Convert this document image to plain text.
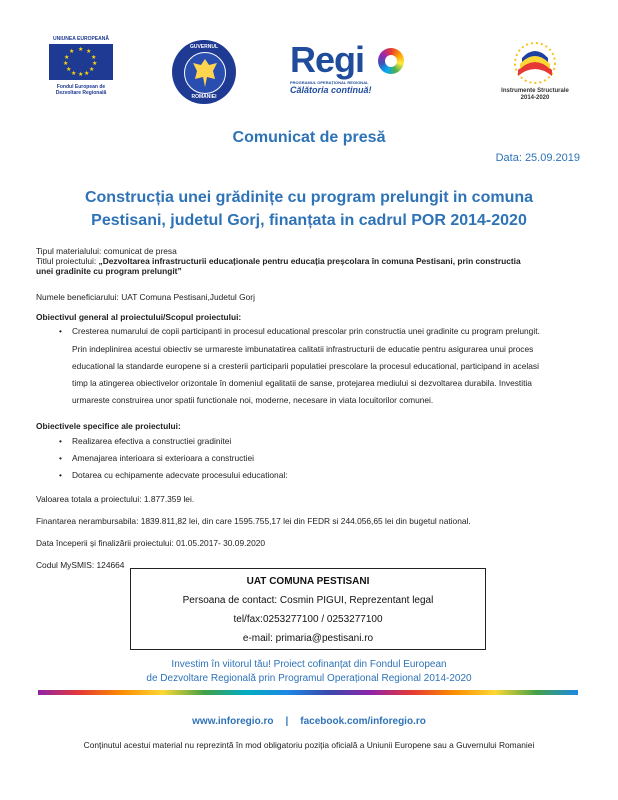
UNIUNEA EUROPEANĂ
★ ★
★
★
★
★
★
★
★
★
★
★
Fondul European de
Dezvoltare Regională
GUVERNUL
ROMÂNIEI
Regi
PROGRAMUL OPERAȚIONAL REGIONAL
Călătoria continuă!	Instrumente Structurale
2014-2020
Comunicat de presă
Data: 25.09.2019
Construcția unei grădinițe cu program prelungit in comuna
Pestisani, judetul Gorj, finanțata in cadrul POR 2014-2020
Tipul materialului: comunicat de presa
Titlul proiectului: „Dezvoltarea infrastructurii educaționale pentru educația preșcolara în comuna Pestisani, prin constructia
unei gradinite cu program prelungit”
Numele beneficiarului: UAT Comuna Pestisani,Judetul Gorj
Obiectivul general al proiectului/Scopul proiectului:
• Cresterea numarului de copii participanti in procesul educational prescolar prin constructia unei gradinite cu program prelungit.
Prin indeplinirea acestui obiectiv se urmareste imbunatatirea calitatii infrastructurii de educatie pentru asigurarea unui proces
educational la standarde europene si a cresterii participarii populatiei prescolare la procesul educational, participand in acelasi
timp la atingerea obiectivelor orizontale în domeniul egalitatii de sanse, protejarea mediului si dezvoltarea durabila. Investitia
urmareste construirea unor spatii functionale noi, moderne, necesare in viata locuitorilor comunei.
Obiectivele specifice ale proiectului:
• Realizarea efectiva a constructiei gradinitei
• Amenajarea interioara si exterioara a constructiei
• Dotarea cu echipamente adecvate procesului educational:
Valoarea totala a proiectului: 1.877.359 lei.
Finantarea nerambursabila: 1839.811,82 lei, din care 1595.755,17 lei din FEDR si 244.056,65 lei din bugetul national.
Data începerii și finalizării proiectului: 01.05.2017- 30.09.2020
Codul MySMIS: 124664
UAT COMUNA PESTISANI
Persoana de contact: Cosmin PIGUI, Reprezentant legal
tel/fax:0253277100 / 0253277100
e-mail: primaria@pestisani.ro
Investim în viitorul tău! Proiect cofinanțat din Fondul European
de Dezvoltare Regională prin Programul Operațional Regional 2014-2020
www.inforegio.ro | facebook.com/inforegio.ro
Conținutul acestui material nu reprezintă în mod obligatoriu poziția oficială a Uniunii Europene sau a Guvernului Romaniei
